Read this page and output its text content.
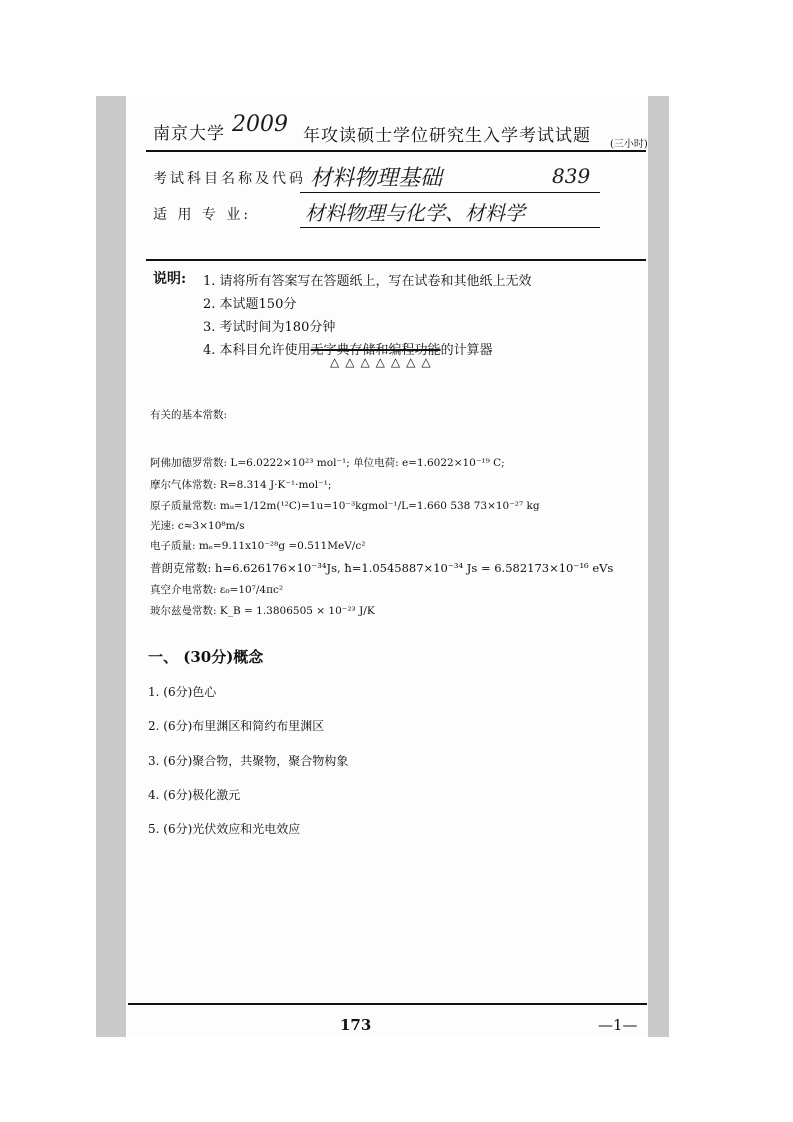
南京大学 2009 年攻读硕士学位研究生入学考试试题 (三小时)
考试科目名称及代码 材料物理基础	839
适 用 专 业:	材料物理与化学、材料学
说明: 1. 请将所有答案写在答题纸上，写在试卷和其他纸上无效
2. 本试题150分
3. 考试时间为180分钟
4. 本科目允许使用无字典存储和编程功能的计算器
△△△△△△△
有关的基本常数:
阿佛加德罗常数: L=6.0222×10²³ mol⁻¹; 单位电荷: e=1.6022×10⁻¹⁹ C;
摩尔气体常数: R=8.314 J·K⁻¹·mol⁻¹;
原子质量常数: mᵤ=1/12m(¹²C)=1u=10⁻³kgmol⁻¹/L=1.660 538 73×10⁻²⁷ kg
光速: c≈3×10⁸m/s
电子质量: mₑ=9.11x10⁻²⁸g =0.511MeV/c²
普朗克常数: h=6.626176×10⁻³⁴Js, ħ=1.0545887×10⁻³⁴ Js = 6.582173×10⁻¹⁶ eVs
真空介电常数: ε₀=10⁷/4πc²
玻尔兹曼常数: K_B = 1.3806505 × 10⁻²³ J/K
一、 (30分)概念
1. (6分)色心
2. (6分)布里渊区和简约布里渊区
3. (6分)聚合物，共聚物，聚合物构象
4. (6分)极化激元
5. (6分)光伏效应和光电效应
173	—1—
